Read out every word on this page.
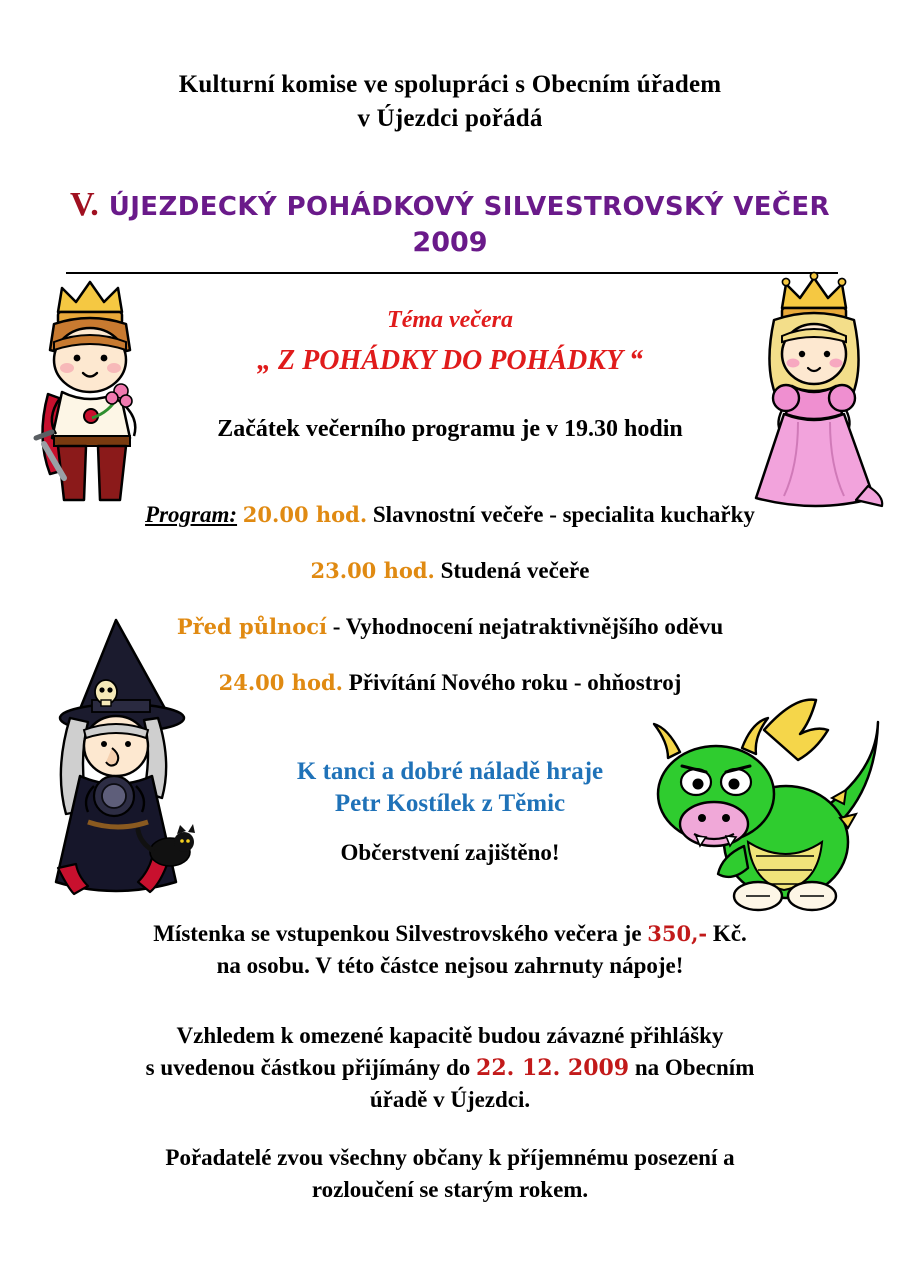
Kulturní komise ve spolupráci s Obecním úřadem
v Újezdci pořádá
V. ÚJEZDECKÝ POHÁDKOVÝ SILVESTROVSKÝ VEČER
2009
Téma večera
„ Z POHÁDKY DO POHÁDKY “
Začátek večerního programu je v 19.30 hodin
Program: 20.00 hod. Slavnostní večeře - specialita kuchařky
23.00 hod. Studená večeře
Před půlnocí - Vyhodnocení nejatraktivnějšího oděvu
24.00 hod. Přivítání Nového roku - ohňostroj
K tanci a dobré náladě hraje
Petr Kostílek z Těmic
Občerstvení zajištěno!
Místenka se vstupenkou Silvestrovského večera je 350,- Kč.
na osobu. V této částce nejsou zahrnuty nápoje!
Vzhledem k omezené kapacitě budou závazné přihlášky
s uvedenou částkou přijímány do 22. 12. 2009 na Obecním
úřadě v Újezdci.
Pořadatelé zvou všechny občany k příjemnému posezení a
rozloučení se starým rokem.
